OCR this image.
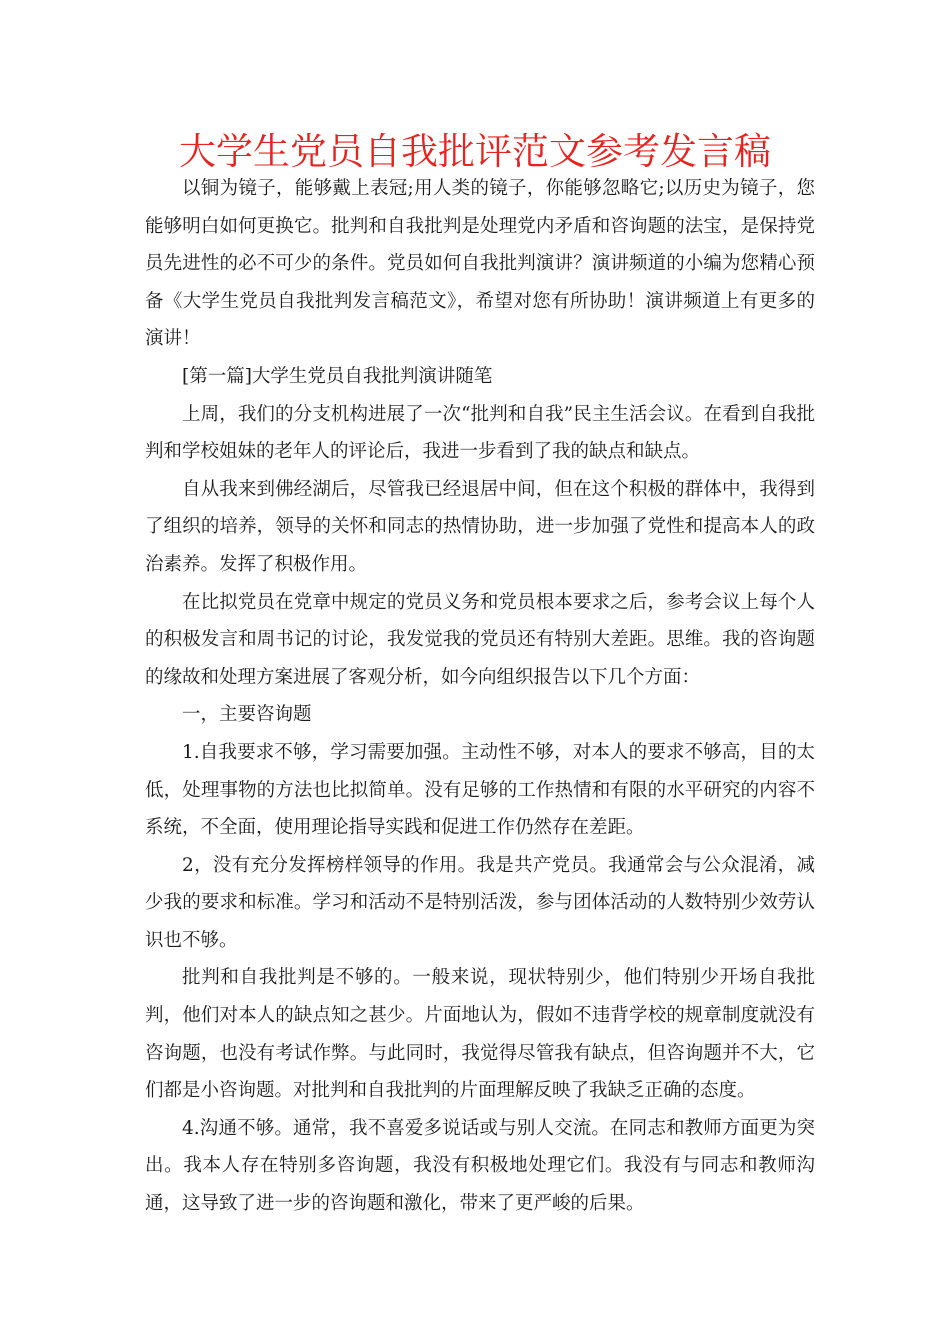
大学生党员自我批评范文参考发言稿

以铜为镜子，能够戴上表冠;用人类的镜子，你能够忽略它;以历史为镜子，您能够明白如何更换它。批判和自我批判是处理党内矛盾和咨询题的法宝，是保持党员先进性的必不可少的条件。党员如何自我批判演讲？演讲频道的小编为您精心预备《大学生党员自我批判发言稿范文》，希望对您有所协助！演讲频道上有更多的演讲！

[第一篇]大学生党员自我批判演讲随笔

上周，我们的分支机构进展了一次“批判和自我”民主生活会议。在看到自我批判和学校姐妹的老年人的评论后，我进一步看到了我的缺点和缺点。

自从我来到佛经湖后，尽管我已经退居中间，但在这个积极的群体中，我得到了组织的培养，领导的关怀和同志的热情协助，进一步加强了党性和提高本人的政治素养。发挥了积极作用。

在比拟党员在党章中规定的党员义务和党员根本要求之后，参考会议上每个人的积极发言和周书记的讨论，我发觉我的党员还有特别大差距。思维。我的咨询题的缘故和处理方案进展了客观分析，如今向组织报告以下几个方面：

一，主要咨询题

1.自我要求不够，学习需要加强。主动性不够，对本人的要求不够高，目的太低，处理事物的方法也比拟简单。没有足够的工作热情和有限的水平研究的内容不系统，不全面，使用理论指导实践和促进工作仍然存在差距。

2，没有充分发挥榜样领导的作用。我是共产党员。我通常会与公众混淆，减少我的要求和标准。学习和活动不是特别活泼，参与团体活动的人数特别少效劳认识也不够。

批判和自我批判是不够的。一般来说，现状特别少，他们特别少开场自我批判，他们对本人的缺点知之甚少。片面地认为，假如不违背学校的规章制度就没有咨询题，也没有考试作弊。与此同时，我觉得尽管我有缺点，但咨询题并不大，它们都是小咨询题。对批判和自我批判的片面理解反映了我缺乏正确的态度。

4.沟通不够。通常，我不喜爱多说话或与别人交流。在同志和教师方面更为突出。我本人存在特别多咨询题，我没有积极地处理它们。我没有与同志和教师沟通，这导致了进一步的咨询题和激化，带来了更严峻的后果。
